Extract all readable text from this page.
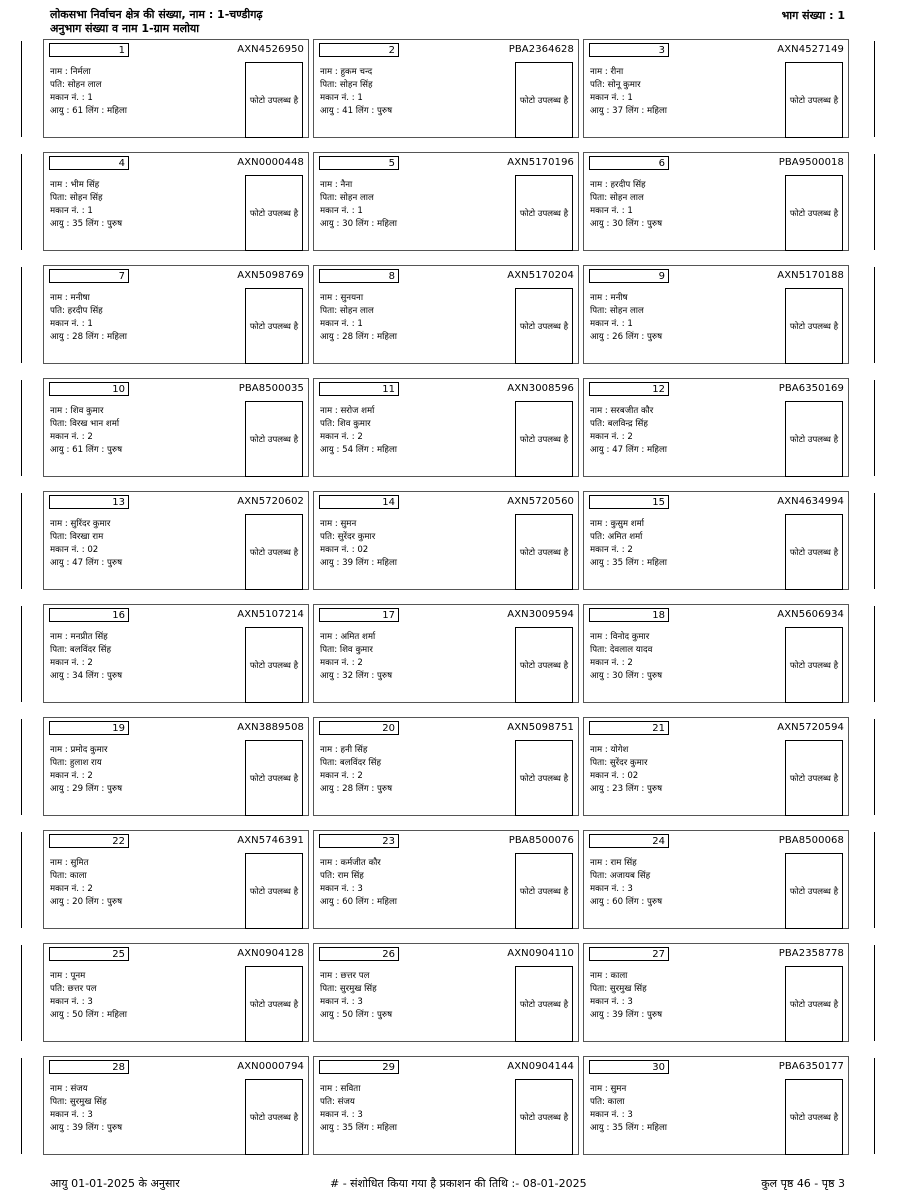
लोकसभा निर्वाचन क्षेत्र की संख्या, नाम : 1-चण्डीगढ़
अनुभाग संख्या व नाम 1-ग्राम मलोया
भाग संख्या : 1
1	AXN4526950
नाम : निर्मला
पति: सोहन लाल
मकान नं. : 1
आयु : 61 लिंग : महिला
फोटो उपलब्ध है
2	PBA2364628
नाम : हुकम चन्द
पिता: सोहन सिंह
मकान नं. : 1
आयु : 41 लिंग : पुरुष
फोटो उपलब्ध है
3	AXN4527149
नाम : रीना
पति: सोनू कुमार
मकान नं. : 1
आयु : 37 लिंग : महिला
फोटो उपलब्ध है
4	AXN0000448
नाम : भीम सिंह
पिता: सोहन सिंह
मकान नं. : 1
आयु : 35 लिंग : पुरुष
फोटो उपलब्ध है
5	AXN5170196
नाम : नैना
पिता: सोहन लाल
मकान नं. : 1
आयु : 30 लिंग : महिला
फोटो उपलब्ध है
6	PBA9500018
नाम : हरदीप सिंह
पिता: सोहन लाल
मकान नं. : 1
आयु : 30 लिंग : पुरुष
फोटो उपलब्ध है
7	AXN5098769
नाम : मनीषा
पति: हरदीप सिंह
मकान नं. : 1
आयु : 28 लिंग : महिला
फोटो उपलब्ध है
8	AXN5170204
नाम : सुनयना
पिता: सोहन लाल
मकान नं. : 1
आयु : 28 लिंग : महिला
फोटो उपलब्ध है
9	AXN5170188
नाम : मनीष
पिता: सोहन लाल
मकान नं. : 1
आयु : 26 लिंग : पुरुष
फोटो उपलब्ध है
10	PBA8500035
नाम : शिव कुमार
पिता: विरख भान शर्मा
मकान नं. : 2
आयु : 61 लिंग : पुरुष
फोटो उपलब्ध है
11	AXN3008596
नाम : सरोज शर्मा
पति: शिव कुमार
मकान नं. : 2
आयु : 54 लिंग : महिला
फोटो उपलब्ध है
12	PBA6350169
नाम : सरबजीत कौर
पति: बलविन्द्र सिंह
मकान नं. : 2
आयु : 47 लिंग : महिला
फोटो उपलब्ध है
13	AXN5720602
नाम : सुरिंदर कुमार
पिता: विरखा राम
मकान नं. : 02
आयु : 47 लिंग : पुरुष
फोटो उपलब्ध है
14	AXN5720560
नाम : सुमन
पति: सुरेंदर कुमार
मकान नं. : 02
आयु : 39 लिंग : महिला
फोटो उपलब्ध है
15	AXN4634994
नाम : कुसुम शर्मा
पति: अमित शर्मा
मकान नं. : 2
आयु : 35 लिंग : महिला
फोटो उपलब्ध है
16	AXN5107214
नाम : मनप्रीत सिंह
पिता: बलविंदर सिंह
मकान नं. : 2
आयु : 34 लिंग : पुरुष
फोटो उपलब्ध है
17	AXN3009594
नाम : अमित शर्मा
पिता: शिव कुमार
मकान नं. : 2
आयु : 32 लिंग : पुरुष
फोटो उपलब्ध है
18	AXN5606934
नाम : विनोद कुमार
पिता: देवलाल यादव
मकान नं. : 2
आयु : 30 लिंग : पुरुष
फोटो उपलब्ध है
19	AXN3889508
नाम : प्रमोद कुमार
पिता: हुलाश राय
मकान नं. : 2
आयु : 29 लिंग : पुरुष
फोटो उपलब्ध है
20	AXN5098751
नाम : हनी सिंह
पिता: बलविंदर सिंह
मकान नं. : 2
आयु : 28 लिंग : पुरुष
फोटो उपलब्ध है
21	AXN5720594
नाम : योगेश
पिता: सुरेंदर कुमार
मकान नं. : 02
आयु : 23 लिंग : पुरुष
फोटो उपलब्ध है
22	AXN5746391
नाम : सुमित
पिता: काला
मकान नं. : 2
आयु : 20 लिंग : पुरुष
फोटो उपलब्ध है
23	PBA8500076
नाम : कर्मजीत कौर
पति: राम सिंह
मकान नं. : 3
आयु : 60 लिंग : महिला
फोटो उपलब्ध है
24	PBA8500068
नाम : राम सिंह
पिता: अजायब सिंह
मकान नं. : 3
आयु : 60 लिंग : पुरुष
फोटो उपलब्ध है
25	AXN0904128
नाम : पूनम
पति: छत्तर पल
मकान नं. : 3
आयु : 50 लिंग : महिला
फोटो उपलब्ध है
26	AXN0904110
नाम : छत्तर पल
पिता: सुरमुख सिंह
मकान नं. : 3
आयु : 50 लिंग : पुरुष
फोटो उपलब्ध है
27	PBA2358778
नाम : काला
पिता: सुरमुख सिंह
मकान नं. : 3
आयु : 39 लिंग : पुरुष
फोटो उपलब्ध है
28	AXN0000794
नाम : संजय
पिता: सुरमुख सिंह
मकान नं. : 3
आयु : 39 लिंग : पुरुष
फोटो उपलब्ध है
29	AXN0904144
नाम : सविता
पति: संजय
मकान नं. : 3
आयु : 35 लिंग : महिला
फोटो उपलब्ध है
30	PBA6350177
नाम : सुमन
पति: काला
मकान नं. : 3
आयु : 35 लिंग : महिला
फोटो उपलब्ध है
आयु 01-01-2025 के अनुसार	# - संशोधित किया गया है प्रकाशन की तिथि :- 08-01-2025	कुल पृष्ठ 46 - पृष्ठ 3
